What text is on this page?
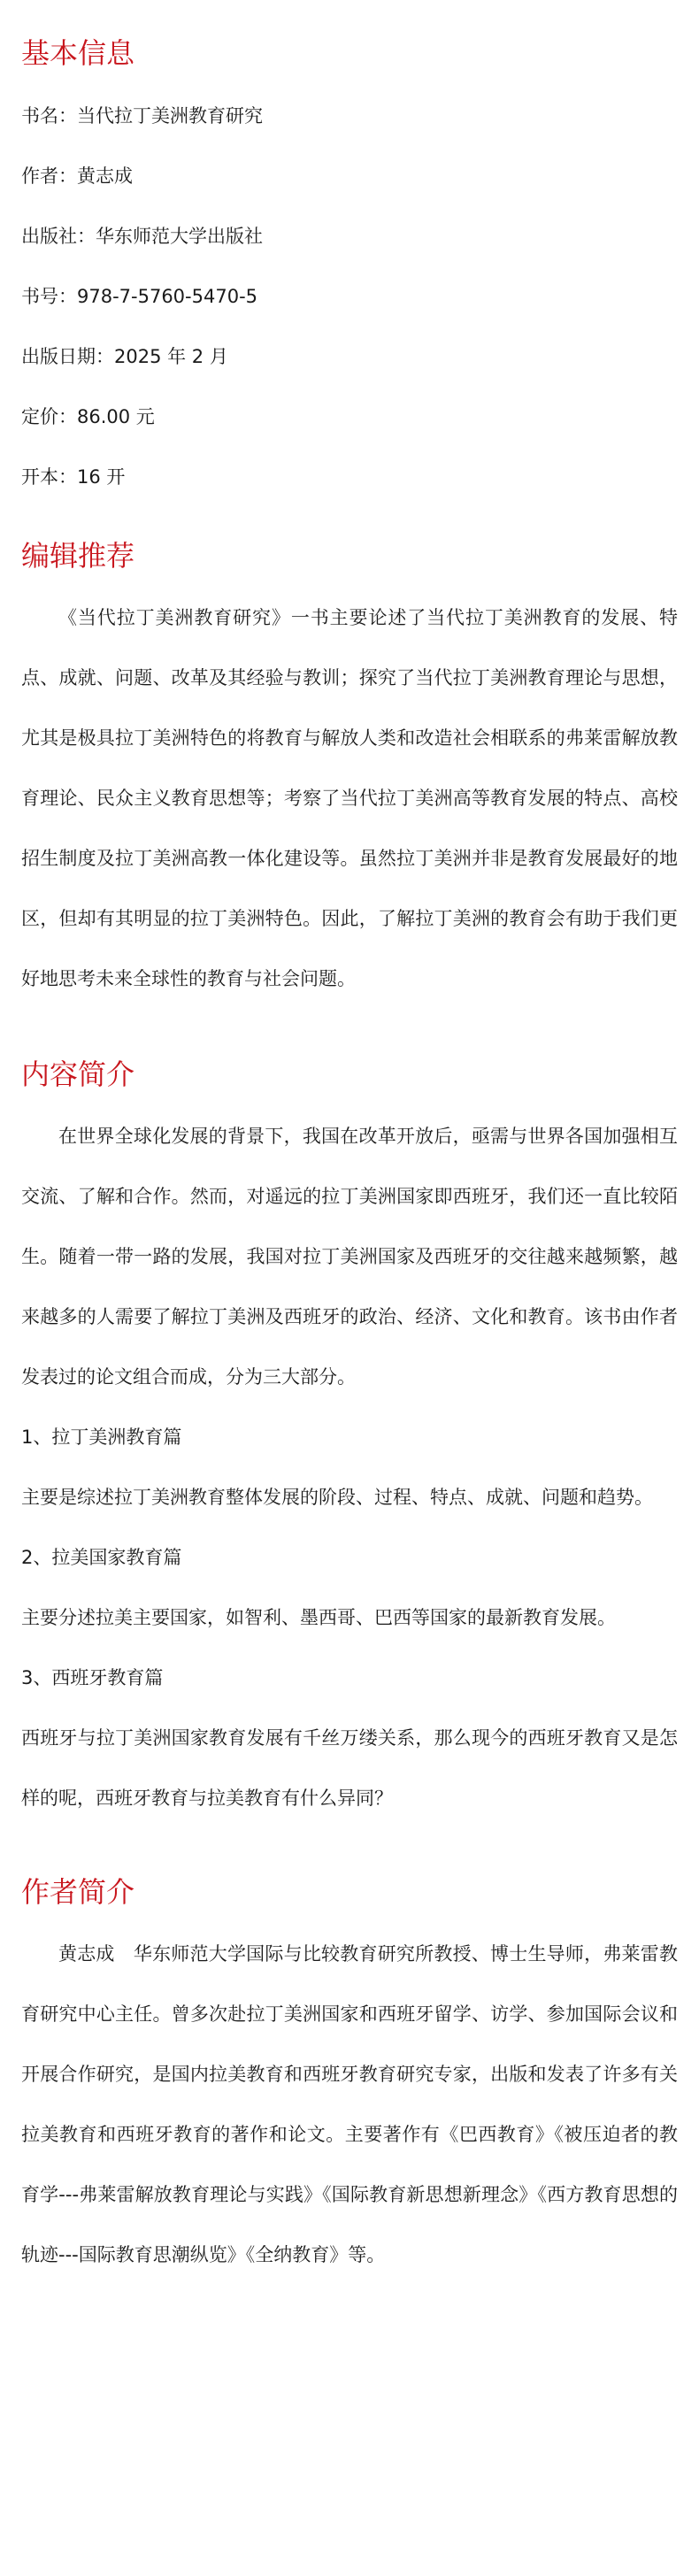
基本信息
书名： 当代拉丁美洲教育研究
作者： 黄志成
出版社： 华东师范大学出版社
书号： 978-7-5760-5470-5
出版日期： 2025 年 2 月
定价： 86.00 元
开本： 16 开
编辑推荐

《当代拉丁美洲教育研究》一书主要论述了当代拉丁美洲教育的发展、特点、成就、问题、改革及其经验与教训；探究了当代拉丁美洲教育理论与思想，尤其是极具拉丁美洲特色的将教育与解放人类和改造社会相联系的弗莱雷解放教育理论、民众主义教育思想等；考察了当代拉丁美洲高等教育发展的特点、高校招生制度及拉丁美洲高教一体化建设等。虽然拉丁美洲并非是教育发展最好的地区，但却有其明显的拉丁美洲特色。因此，了解拉丁美洲的教育会有助于我们更好地思考未来全球性的教育与社会问题。

内容简介

在世界全球化发展的背景下，我国在改革开放后，亟需与世界各国加强相互交流、了解和合作。然而，对遥远的拉丁美洲国家即西班牙，我们还一直比较陌生。随着一带一路的发展，我国对拉丁美洲国家及西班牙的交往越来越频繁，越来越多的人需要了解拉丁美洲及西班牙的政治、经济、文化和教育。该书由作者发表过的论文组合而成，分为三大部分。

1、拉丁美洲教育篇

主要是综述拉丁美洲教育整体发展的阶段、过程、特点、成就、问题和趋势。

2、拉美国家教育篇

主要分述拉美主要国家，如智利、墨西哥、巴西等国家的最新教育发展。

3、西班牙教育篇

西班牙与拉丁美洲国家教育发展有千丝万缕关系，那么现今的西班牙教育又是怎样的呢，西班牙教育与拉美教育有什么异同？

作者简介

黄志成　华东师范大学国际与比较教育研究所教授、博士生导师，弗莱雷教育研究中心主任。曾多次赴拉丁美洲国家和西班牙留学、访学、参加国际会议和开展合作研究，是国内拉美教育和西班牙教育研究专家，出版和发表了许多有关拉美教育和西班牙教育的著作和论文。主要著作有《巴西教育》《被压迫者的教育学---弗莱雷解放教育理论与实践》《国际教育新思想新理念》《西方教育思想的轨迹---国际教育思潮纵览》《全纳教育》等。
